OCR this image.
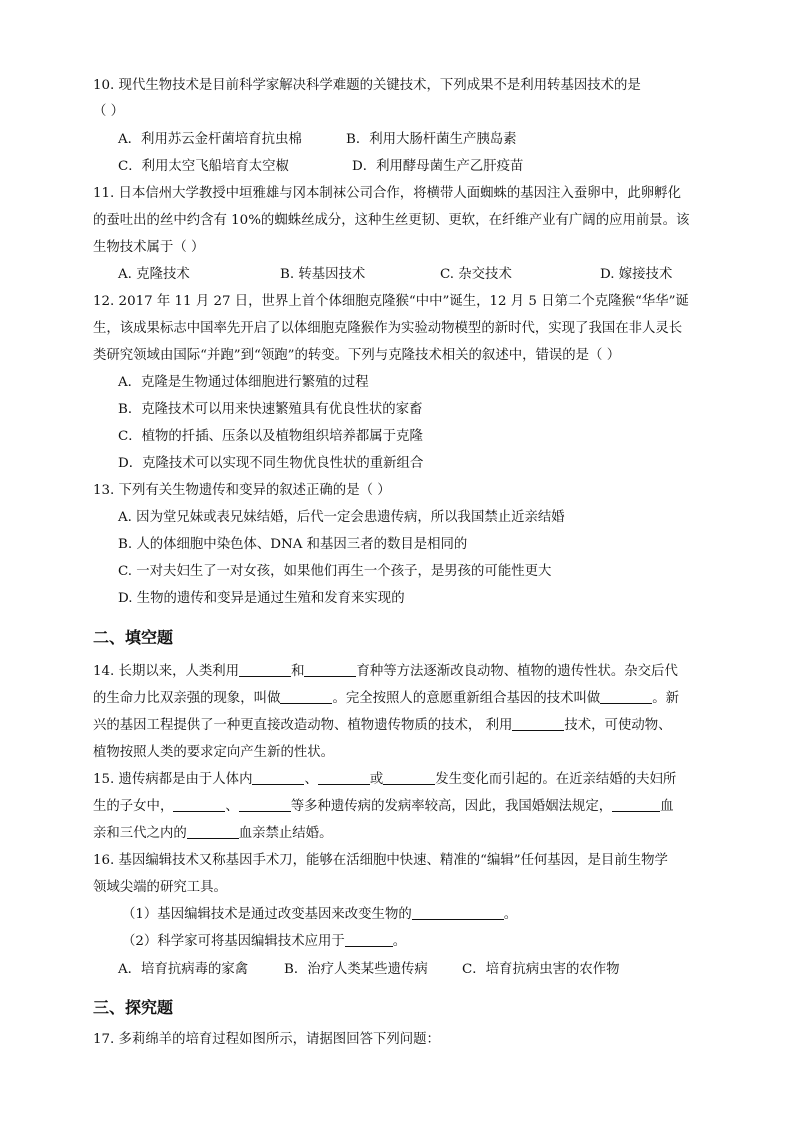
10. 现代生物技术是目前科学家解决科学难题的关键技术，下列成果不是利用转基因技术的是
（ ）
A．利用苏云金杆菌培育抗虫棉	B．利用大肠杆菌生产胰岛素
C．利用太空飞船培育太空椒	D．利用酵母菌生产乙肝疫苗
11. 日本信州大学教授中垣雅雄与冈本制袜公司合作，将横带人面蜘蛛的基因注入蚕卵中，此卵孵化
的蚕吐出的丝中约含有 10%的蜘蛛丝成分，这种生丝更韧、更软，在纤维产业有广阔的应用前景。该
生物技术属于（ ）
A. 克隆技术	B. 转基因技术	C. 杂交技术	D. 嫁接技术
12. 2017 年 11 月 27 日，世界上首个体细胞克隆猴“中中”诞生，12 月 5 日第二个克隆猴“华华”诞
生，该成果标志中国率先开启了以体细胞克隆猴作为实验动物模型的新时代，实现了我国在非人灵长
类研究领域由国际“并跑”到“领跑”的转变。下列与克隆技术相关的叙述中，错误的是（ ）
A．克隆是生物通过体细胞进行繁殖的过程
B．克隆技术可以用来快速繁殖具有优良性状的家畜
C．植物的扦插、压条以及植物组织培养都属于克隆
D．克隆技术可以实现不同生物优良性状的重新组合
13. 下列有关生物遗传和变异的叙述正确的是（ ）
A. 因为堂兄妹或表兄妹结婚，后代一定会患遗传病，所以我国禁止近亲结婚
B. 人的体细胞中染色体、DNA 和基因三者的数目是相同的
C. 一对夫妇生了一对女孩，如果他们再生一个孩子，是男孩的可能性更大
D. 生物的遗传和变异是通过生殖和发育来实现的
二、填空题
14. 长期以来，人类利用	和	育种等方法逐渐改良动物、植物的遗传性状。杂交后代
的生命力比双亲强的现象，叫做	。完全按照人的意愿重新组合基因的技术叫做	。新
兴的基因工程提供了一种更直接改造动物、植物遗传物质的技术， 利用	技术，可使动物、
植物按照人类的要求定向产生新的性状。
15. 遗传病都是由于人体内	、	或	发生变化而引起的。在近亲结婚的夫妇所
生的子女中，	、	等多种遗传病的发病率较高，因此，我国婚姻法规定，	血
亲和三代之内的	血亲禁止结婚。
16. 基因编辑技术又称基因手术刀，能够在活细胞中快速、精准的“编辑”任何基因，是目前生物学
领域尖端的研究工具。
（1）基因编辑技术是通过改变基因来改变生物的	。
（2）科学家可将基因编辑技术应用于	。
A．培育抗病毒的家禽	B．治疗人类某些遗传病	C．培育抗病虫害的农作物
三、探究题
17. 多莉绵羊的培育过程如图所示，请据图回答下列问题：
